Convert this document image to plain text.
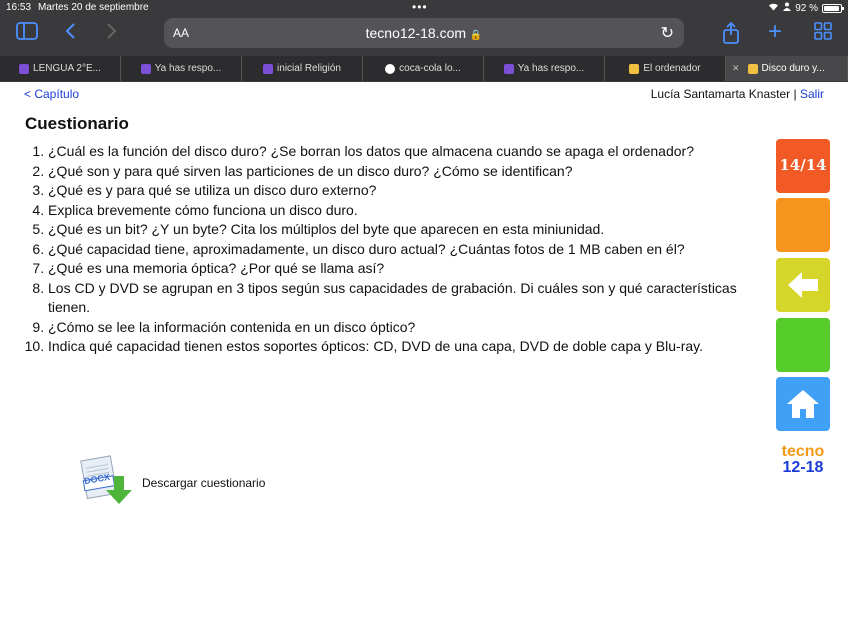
16:53 Martes 20 de septiembre	•••	92 %
AA	tecno12-18.com 🔒	↻	+
LENGUA 2°E...	Ya has respo...	inicial Religión	coca-cola lo...	Ya has respo...	El ordenador	✕ Disco duro y...
< Capítulo	Lucía Santamarta Knaster | Salir
Cuestionario
1. ¿Cuál es la función del disco duro? ¿Se borran los datos que almacena cuando se apaga el ordenador?
2. ¿Qué son y para qué sirven las particiones de un disco duro? ¿Cómo se identifican?
3. ¿Qué es y para qué se utiliza un disco duro externo?
4. Explica brevemente cómo funciona un disco duro.
5. ¿Qué es un bit? ¿Y un byte? Cita los múltiplos del byte que aparecen en esta miniunidad.
6. ¿Qué capacidad tiene, aproximadamente, un disco duro actual? ¿Cuántas fotos de 1 MB caben en él?
7. ¿Qué es una memoria óptica? ¿Por qué se llama así?
8. Los CD y DVD se agrupan en 3 tipos según sus capacidades de grabación. Di cuáles son y qué características tienen.
9. ¿Cómo se lee la información contenida en un disco óptico?
10. Indica qué capacidad tienen estos soportes ópticos: CD, DVD de una capa, DVD de doble capa y Blu-ray.
14/14
tecno
12-18
DOCX	Descargar cuestionario
